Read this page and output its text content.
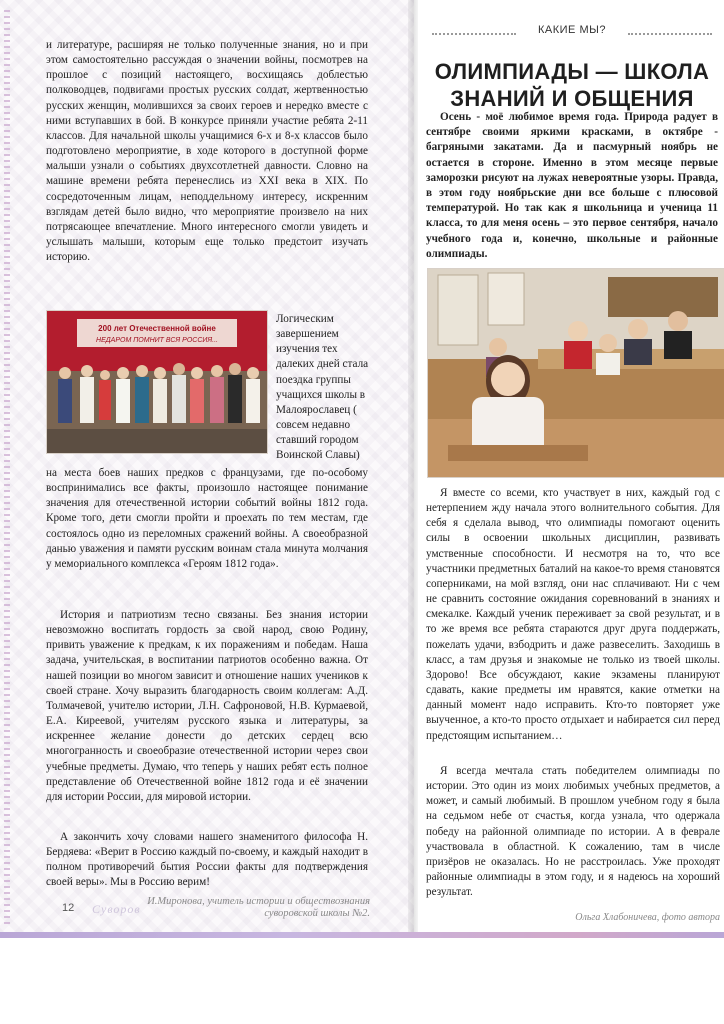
и литературе, расширяя не только полученные знания, но и при этом самостоятельно рассуждая о значении войны, посмотрев на прошлое с позиций настоящего, восхищаясь доблестью полководцев, подвигами простых русских солдат, жертвенностью русских женщин, молившихся за своих героев и нередко вместе с ними вступавших в бой. В конкурсе приняли участие ребята 2-11 классов. Для начальной школы учащимися 6-х и 8-х классов было подготовлено мероприятие, в ходе которого в доступной форме малыши узнали о событиях двухсотлетней давности. Словно на машине времени ребята перенеслись из XXI века в XIX. По сосредоточенным лицам, неподдельному интересу, искренним взглядам детей было видно, что мероприятие произвело на них потрясающее впечатление. Много интересного смогли увидеть и услышать малыши, которым еще только предстоит изучать историю.

200 лет Отечественной войне
НЕДАРОМ ПОМНИТ ВСЯ РОССИЯ...

Логическим завершением изучения тех далеких дней стала поездка группы учащихся школы в Малоярославец ( совсем недавно ставший городом Воинской Славы)

на места боев наших предков с французами, где по-особому воспринимались все факты, произошло настоящее понимание значения для отечественной истории событий войны 1812 года. Кроме того, дети смогли пройти и проехать по тем местам, где состоялось одно из переломных сражений войны. А своеобразной данью уважения и памяти русским воинам стала минута молчания у мемориального комплекса «Героям 1812 года».

История и патриотизм тесно связаны. Без знания истории невозможно воспитать гордость за свой народ, свою Родину, привить уважение к предкам, к их поражениям и победам. Наша задача, учительская, в воспитании патриотов особенно важна. От нашей позиции во многом зависит и отношение наших учеников к своей стране. Хочу выразить благодарность своим коллегам: А.Д. Толмачевой, учителю истории, Л.Н. Сафроновой, Н.В. Курмаевой, Е.А. Киреевой, учителям русского языка и литературы, за искреннее желание донести до детских сердец всю многогранность и своеобразие отечественной истории через свои учебные предметы. Думаю, что теперь у наших ребят есть полное представление об Отечественной войне 1812 года и её значении для истории России, для мировой истории.

А закончить хочу словами нашего знаменитого философа Н. Бердяева: «Верит в Россию каждый по-своему, и каждый находит в полном противоречий бытия России факты для подтверждения своей веры». Мы в Россию верим!

И.Миронова, учитель истории и обществознания суворовской школы №2.
12 Суворов
КАКИЕ МЫ?
ОЛИМПИАДЫ — ШКОЛА ЗНАНИЙ И ОБЩЕНИЯ

Осень - моё любимое время года. Природа радует в сентябре своими яркими красками, в октябре - багряными закатами. Да и пасмурный ноябрь не остается в стороне. Именно в этом месяце первые заморозки рисуют на лужах невероятные узоры. Правда, в этом году ноябрьские дни все больше с плюсовой температурой. Но так как я школьница и ученица 11 класса, то для меня осень – это первое сентября, начало учебного года и, конечно, школьные и районные олимпиады.

Я вместе со всеми, кто участвует в них, каждый год с нетерпением жду начала этого волнительного события. Для себя я сделала вывод, что олимпиады помогают оценить силы в освоении школьных дисциплин, развивать умственные способности. И несмотря на то, что все участники предметных баталий на какое-то время становятся соперниками, на мой взгляд, они нас сплачивают. Ни с чем не сравнить состояние ожидания соревнований в знаниях и смекалке. Каждый ученик переживает за свой результат, и в то же время все ребята стараются друг друга поддержать, пожелать удачи, взбодрить и даже развеселить. Заходишь в класс, а там друзья и знакомые не только из твоей школы. Здорово! Все обсуждают, какие экзамены планируют сдавать, какие предметы им нравятся, какие отметки на данный момент надо исправить. Кто-то повторяет уже выученное, а кто-то просто отдыхает и набирается сил перед предстоящим испытанием…

Я всегда мечтала стать победителем олимпиады по истории. Это один из моих любимых учебных предметов, а может, и самый любимый. В прошлом учебном году я была на седьмом небе от счастья, когда узнала, что одержала победу на районной олимпиаде по истории. А в феврале участвовала в областной. К сожалению, там в числе призёров не оказалась. Но не расстроилась. Уже проходят районные олимпиады в этом году, и я надеюсь на хороший результат.

Ольга Хлабоничева, фото автора
